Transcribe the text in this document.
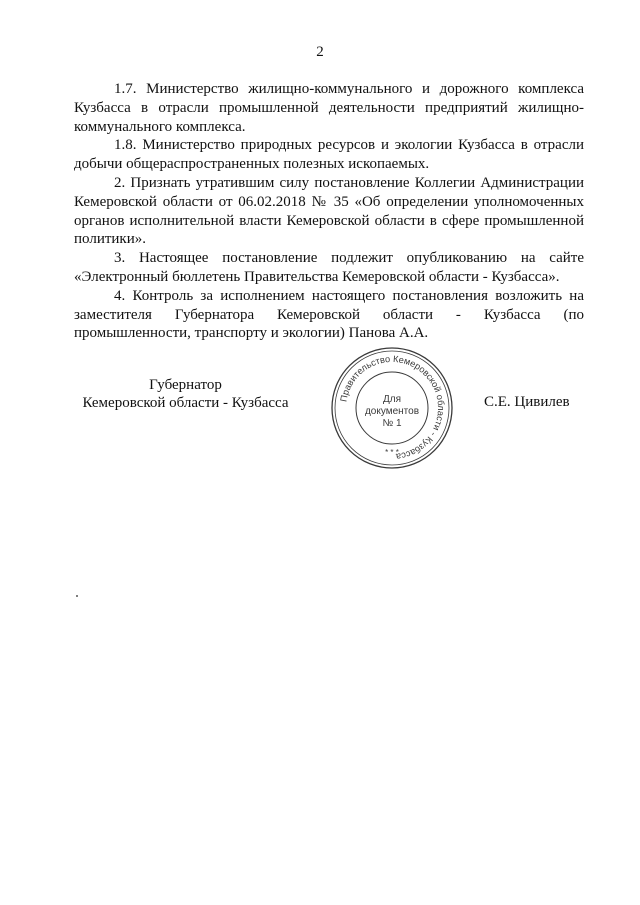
2

1.7. Министерство жилищно-коммунального и дорожного комплекса Кузбасса в отрасли промышленной деятельности предприятий жилищно-коммунального комплекса.

1.8. Министерство природных ресурсов и экологии Кузбасса в отрасли добычи общераспространенных полезных ископаемых.

2. Признать утратившим силу постановление Коллегии Администрации Кемеровской области от 06.02.2018 № 35 «Об определении уполномоченных органов исполнительной власти Кемеровской области в сфере промышленной политики».

3. Настоящее постановление подлежит опубликованию на сайте «Электронный бюллетень Правительства Кемеровской области - Кузбасса».

4. Контроль за исполнением настоящего постановления возложить на заместителя Губернатора Кемеровской области - Кузбасса (по промышленности, транспорту и экологии) Панова А.А.

Губернатор
Кемеровской области - Кузбасса	Правительство Кемеровской области - Кузбасса
Для
документов
№ 1
* * *
С.Е. Цивилев
